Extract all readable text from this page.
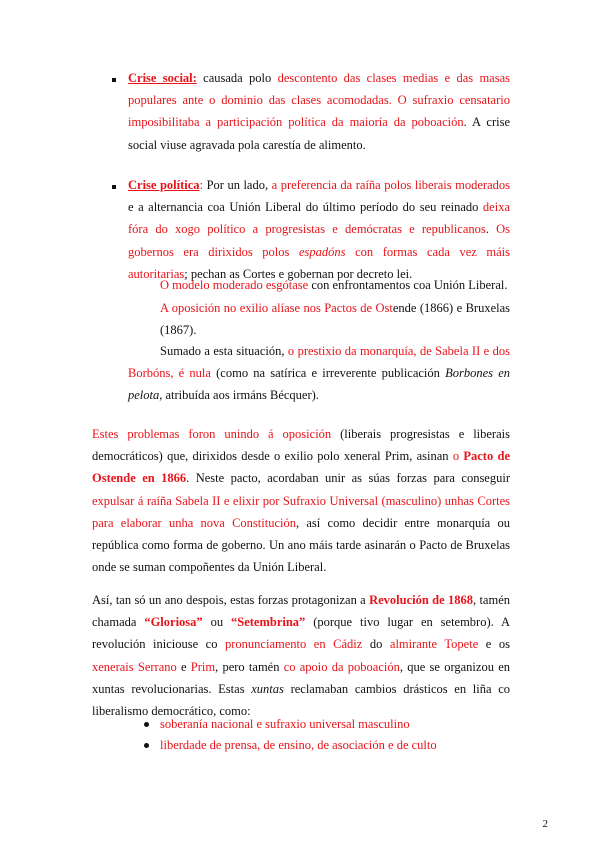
Crise social: causada polo descontento das clases medias e das masas populares ante o dominio das clases acomodadas. O sufraxio censatario imposibilitaba a participación política da maioría da poboación. A crise social viuse agravada pola carestía de alimento.

Crise política: Por un lado, a preferencia da raíña polos liberais moderados e a alternancia coa Unión Liberal do último período do seu reinado deixa fóra do xogo político a progresistas e demócratas e republicanos. Os gobernos era dirixidos polos espadóns con formas cada vez máis autoritarias; pechan as Cortes e gobernan por decreto lei.

O modelo moderado esgótase con enfrontamentos coa Unión Liberal.

A oposición no exilio alíase nos Pactos de Ostende (1866) e Bruxelas (1867).

Sumado a esta situación, o prestixio da monarquía, de Sabela II e dos Borbóns, é nula (como na satírica e irreverente publicación Borbones en pelota, atribuída aos irmáns Bécquer).

Estes problemas foron unindo á oposición (liberais progresistas e liberais democráticos) que, dirixidos desde o exilio polo xeneral Prim, asinan o Pacto de Ostende en 1866. Neste pacto, acordaban unir as súas forzas para conseguir expulsar á raíña Sabela II e elixir por Sufraxio Universal (masculino) unhas Cortes para elaborar unha nova Constitución, así como decidir entre monarquía ou república como forma de goberno. Un ano máis tarde asinarán o Pacto de Bruxelas onde se suman compoñentes da Unión Liberal.

Así, tan só un ano despois, estas forzas protagonizan a Revolución de 1868, tamén chamada “Gloriosa” ou “Setembrina” (porque tivo lugar en setembro). A revolución iniciouse co pronunciamento en Cádiz do almirante Topete e os xenerais Serrano e Prim, pero tamén co apoio da poboación, que se organizou en xuntas revolucionarias. Estas xuntas reclamaban cambios drásticos en liña co liberalismo democrático, como:

soberanía nacional e sufraxio universal masculino
liberdade de prensa, de ensino, de asociación e de culto
2
